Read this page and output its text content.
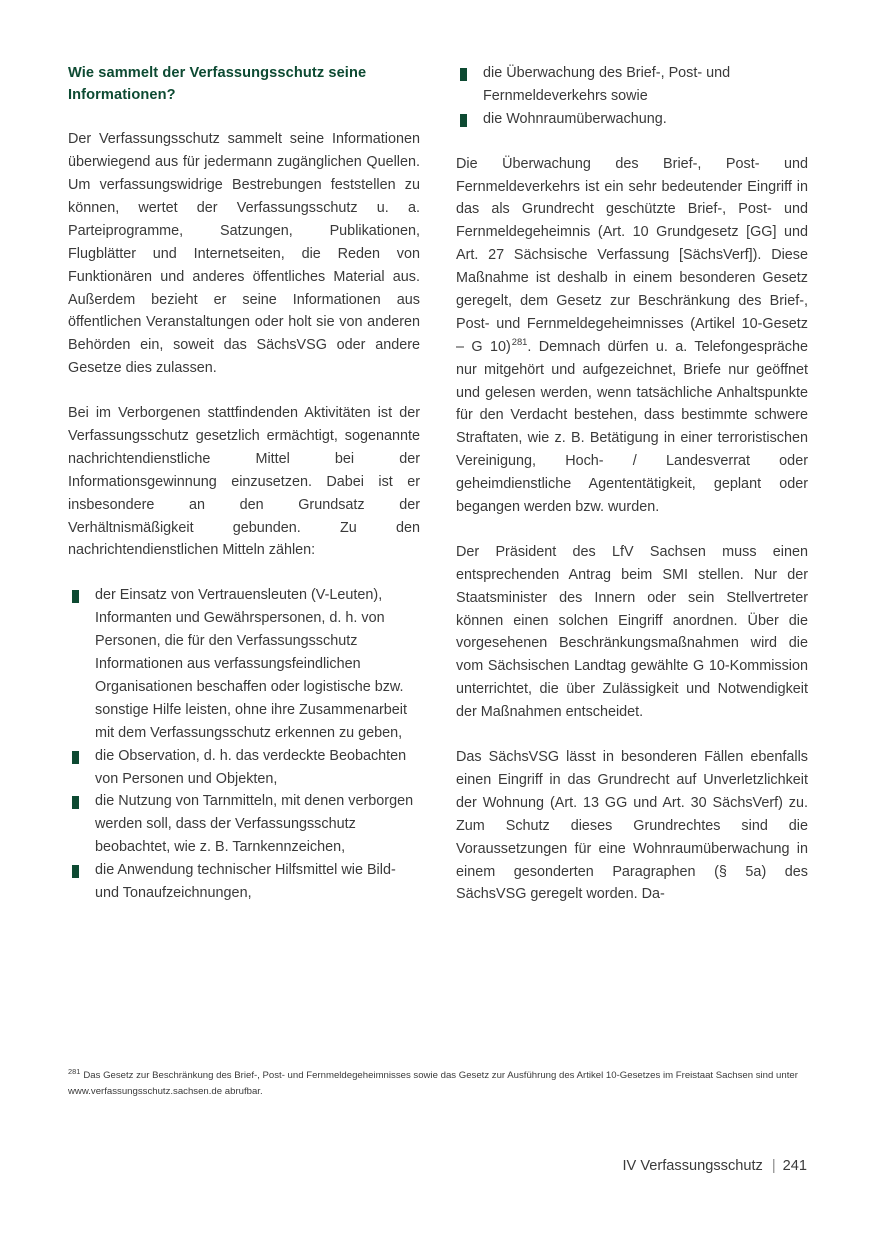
Wie sammelt der Verfassungsschutz seine Informationen?

Der Verfassungsschutz sammelt seine Informationen überwiegend aus für jedermann zugänglichen Quellen. Um verfassungswidrige Bestrebungen feststellen zu können, wertet der Verfassungsschutz u. a. Parteiprogramme, Satzungen, Publikationen, Flugblätter und Internetseiten, die Reden von Funktionären und anderes öffentliches Material aus. Außerdem bezieht er seine Informationen aus öffentlichen Veranstaltungen oder holt sie von anderen Behörden ein, soweit das SächsVSG oder andere Gesetze dies zulassen.

Bei im Verborgenen stattfindenden Aktivitäten ist der Verfassungsschutz gesetzlich ermächtigt, sogenannte nachrichtendienstliche Mittel bei der Informationsgewinnung einzusetzen. Dabei ist er insbesondere an den Grundsatz der Verhältnismäßigkeit gebunden. Zu den nachrichtendienstlichen Mitteln zählen:

der Einsatz von Vertrauensleuten (V-Leuten), Informanten und Gewährspersonen, d. h. von Personen, die für den Verfassungsschutz Informationen aus verfassungsfeindlichen Organisationen beschaffen oder logistische bzw. sonstige Hilfe leisten, ohne ihre Zusammenarbeit mit dem Verfassungsschutz erkennen zu geben,
die Observation, d. h. das verdeckte Beobachten von Personen und Objekten,
die Nutzung von Tarnmitteln, mit denen verborgen werden soll, dass der Verfassungsschutz beobachtet, wie z. B. Tarnkennzeichen,
die Anwendung technischer Hilfsmittel wie Bild- und Tonaufzeichnungen,
die Überwachung des Brief-, Post- und Fernmeldeverkehrs sowie
die Wohnraumüberwachung.

Die Überwachung des Brief-, Post- und Fernmeldeverkehrs ist ein sehr bedeutender Eingriff in das als Grundrecht geschützte Brief-, Post- und Fernmeldegeheimnis (Art. 10 Grundgesetz [GG] und Art. 27 Sächsische Verfassung [SächsVerf]). Diese Maßnahme ist deshalb in einem besonderen Gesetz geregelt, dem Gesetz zur Beschränkung des Brief-, Post- und Fernmeldegeheimnisses (Artikel 10-Gesetz – G 10)$^{281}$. Demnach dürfen u. a. Telefongespräche nur mitgehört und aufgezeichnet, Briefe nur geöffnet und gelesen werden, wenn tatsächliche Anhaltspunkte für den Verdacht bestehen, dass bestimmte schwere Straftaten, wie z. B. Betätigung in einer terroristischen Vereinigung, Hoch- / Landesverrat oder geheimdienstliche Agententätigkeit, geplant oder begangen werden bzw. wurden.

Der Präsident des LfV Sachsen muss einen entsprechenden Antrag beim SMI stellen. Nur der Staatsminister des Innern oder sein Stellvertreter können einen solchen Eingriff anordnen. Über die vorgesehenen Beschränkungsmaßnahmen wird die vom Sächsischen Landtag gewählte G 10-Kommission unterrichtet, die über Zulässigkeit und Notwendigkeit der Maßnahmen entscheidet.

Das SächsVSG lässt in besonderen Fällen ebenfalls einen Eingriff in das Grundrecht auf Unverletzlichkeit der Wohnung (Art. 13 GG und Art. 30 SächsVerf) zu. Zum Schutz dieses Grundrechtes sind die Voraussetzungen für eine Wohnraumüberwachung in einem gesonderten Paragraphen (§ 5a) des SächsVSG geregelt worden. Da-

$^{281}$ Das Gesetz zur Beschränkung des Brief-, Post- und Fernmeldegeheimnisses sowie das Gesetz zur Ausführung des Artikel 10-Gesetzes im Freistaat Sachsen sind unter www.verfassungsschutz.sachsen.de abrufbar.
IV Verfassungsschutz | 241
